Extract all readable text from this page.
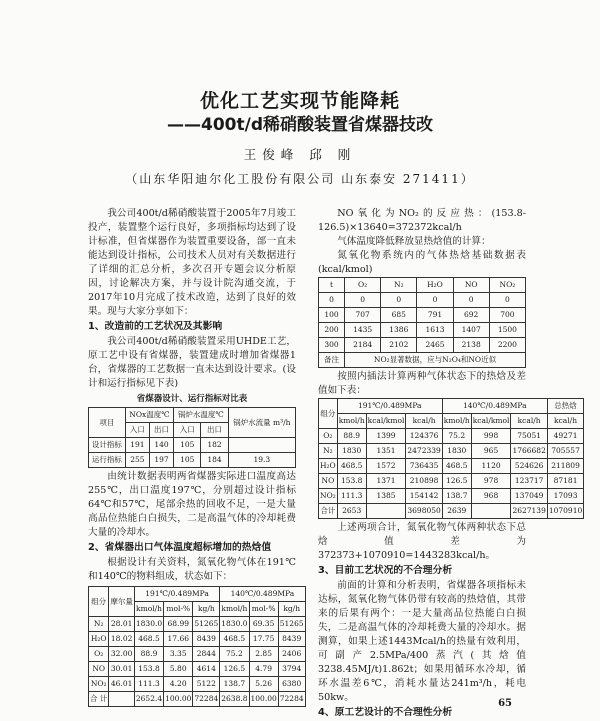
优化工艺实现节能降耗
——400t/d稀硝酸装置省煤器技改
王俊峰 邱 刚
（山东华阳迪尔化工股份有限公司 山东泰安 271411）

我公司400t/d稀硝酸装置于2005年7月竣工投产，装置整个运行良好，多项指标均达到了设计标准，但省煤器作为装置重要设备，部一直未能达到设计指标，公司技术人员对有关数据进行了详细的汇总分析，多次召开专题会议分析原因，讨论解决方案，并与设计院沟通交流，于2017年10月完成了技术改造，达到了良好的效果。现与大家分享如下：

1、改造前的工艺状况及其影响

我公司400t/d稀硝酸装置采用UHDE工艺，原工艺中设有省煤器，装置建成时增加省煤器1台，省煤器的工艺数据一直未达到设计要求。(设计和运行指标见下表)

省煤器设计、运行指标对比表
项目	NOx温度℃		锅炉水温度℃		锅炉水流量 m³/h
	入口	出口	入口	出口	
设计指标	191	140	105	182	
运行指标	255	197	105	184	19.3

由统计数据表明两省煤器实际进口温度高达255℃，出口温度197℃，分别超过设计指标64℃和57℃，尾部余热的回收不足，一是大量高品位热能白白损失，二是高温气体的冷却耗费大量的冷却水。

2、省煤器出口气体温度超标增加的热焓值

根据设计有关资料，氮氧化物气体在191℃和140℃的物料组成，状态如下：

组分	摩尔量	191℃/0.489MPa			140℃/0.489MPa		
		kmol/h	mol-%	kg/h	kmol/h	mol-%	kg/h
N₂	28.01	1830.0	68.99	51265	1830.0	69.35	51265
H₂O	18.02	468.5	17.66	8439	468.5	17.75	8439
O₂	32.00	88.9	3.35	2844	75.2	2.85	2406
NO	30.01	153.8	5.80	4614	126.5	4.79	3794
NO₂	46.01	111.3	4.20	5122	138.7	5.26	6380
合 计		2652.4	100.00	72284	2638.8	100.00	72284

NO氧化为NO₂的反应热：(153.8-126.5)×13640=372372kcal/h

气体温度降低释放显热焓值的计算：

氮氧化物系统内的气体热焓基础数据表(kcal/kmol)

t	O₂	N₂	H₂O	NO	NO₂
0	0	0	0	0	0
100	707	685	791	692	700
200	1435	1386	1613	1407	1500
300	2184	2102	2465	2138	2200
备注	NO₂显著数据，应与N₂O₄和NO近似				

按照内插法计算两种气体状态下的热焓及差值如下表：

组分	191℃/0.489MPa			140℃/0.489MPa			总热焓
	kmol/h	kcal/kmol	kcal/h	kmol/h	kcal/kmol	kcal/h	kcal/h
O₂	88.9	1399	124376	75.2	998	75051	49271
N₂	1830	1351	2472339	1830	965	1766682	705557
H₂O	468.5	1572	736435	468.5	1120	524626	211809
NO	153.8	1371	210898	126.5	978	123717	87181
NO₂	111.3	1385	154142	138.7	968	137049	17093
合计	2653		3698050	2639		2627139	1070910

上述两项合计，氮氧化物气体两种状态下总焓值差为372373+1070910=1443283kcal/h。

3、目前工艺状况的不合理分析

前面的计算和分析表明，省煤器各项指标未达标，氮氧化物气体仍带有较高的热焓值，其带来的后果有两个：一是大量高品位热能白白损失，二是高温气体的冷却耗费大量的冷却水。据测算，如果上述1443Mcal/h的热量有效利用，可副产2.5MPa/400蒸汽(其焓值3238.45MJ/t)1.862t；如果用循环水冷却，循环水温差6℃，消耗水量达241m³/h，耗电50kw。

4、原工艺设计的不合理性分析
65
